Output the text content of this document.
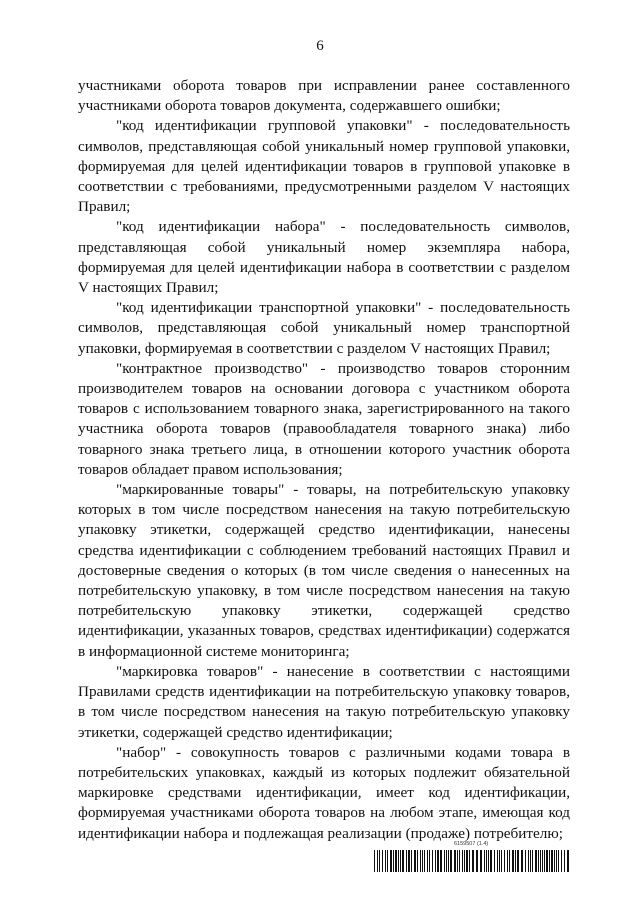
6

участниками оборота товаров при исправлении ранее составленного участниками оборота товаров документа, содержавшего ошибки;

"код идентификации групповой упаковки" - последовательность символов, представляющая собой уникальный номер групповой упаковки, формируемая для целей идентификации товаров в групповой упаковке в соответствии с требованиями, предусмотренными разделом V настоящих Правил;

"код идентификации набора" - последовательность символов, представляющая собой уникальный номер экземпляра набора, формируемая для целей идентификации набора в соответствии с разделом V настоящих Правил;

"код идентификации транспортной упаковки" - последовательность символов, представляющая собой уникальный номер транспортной упаковки, формируемая в соответствии с разделом V настоящих Правил;

"контрактное производство" - производство товаров сторонним производителем товаров на основании договора с участником оборота товаров с использованием товарного знака, зарегистрированного на такого участника оборота товаров (правообладателя товарного знака) либо товарного знака третьего лица, в отношении которого участник оборота товаров обладает правом использования;

"маркированные товары" - товары, на потребительскую упаковку которых в том числе посредством нанесения на такую потребительскую упаковку этикетки, содержащей средство идентификации, нанесены средства идентификации с соблюдением требований настоящих Правил и достоверные сведения о которых (в том числе сведения о нанесенных на потребительскую упаковку, в том числе посредством нанесения на такую потребительскую упаковку этикетки, содержащей средство идентификации, указанных товаров, средствах идентификации) содержатся в информационной системе мониторинга;

"маркировка товаров" - нанесение в соответствии с настоящими Правилами средств идентификации на потребительскую упаковку товаров, в том числе посредством нанесения на такую потребительскую упаковку этикетки, содержащей средство идентификации;

"набор" - совокупность товаров с различными кодами товара в потребительских упаковках, каждый из которых подлежит обязательной маркировке средствами идентификации, имеет код идентификации, формируемая участниками оборота товаров на любом этапе, имеющая код идентификации набора и подлежащая реализации (продаже) потребителю;

6159507 (1.4)
